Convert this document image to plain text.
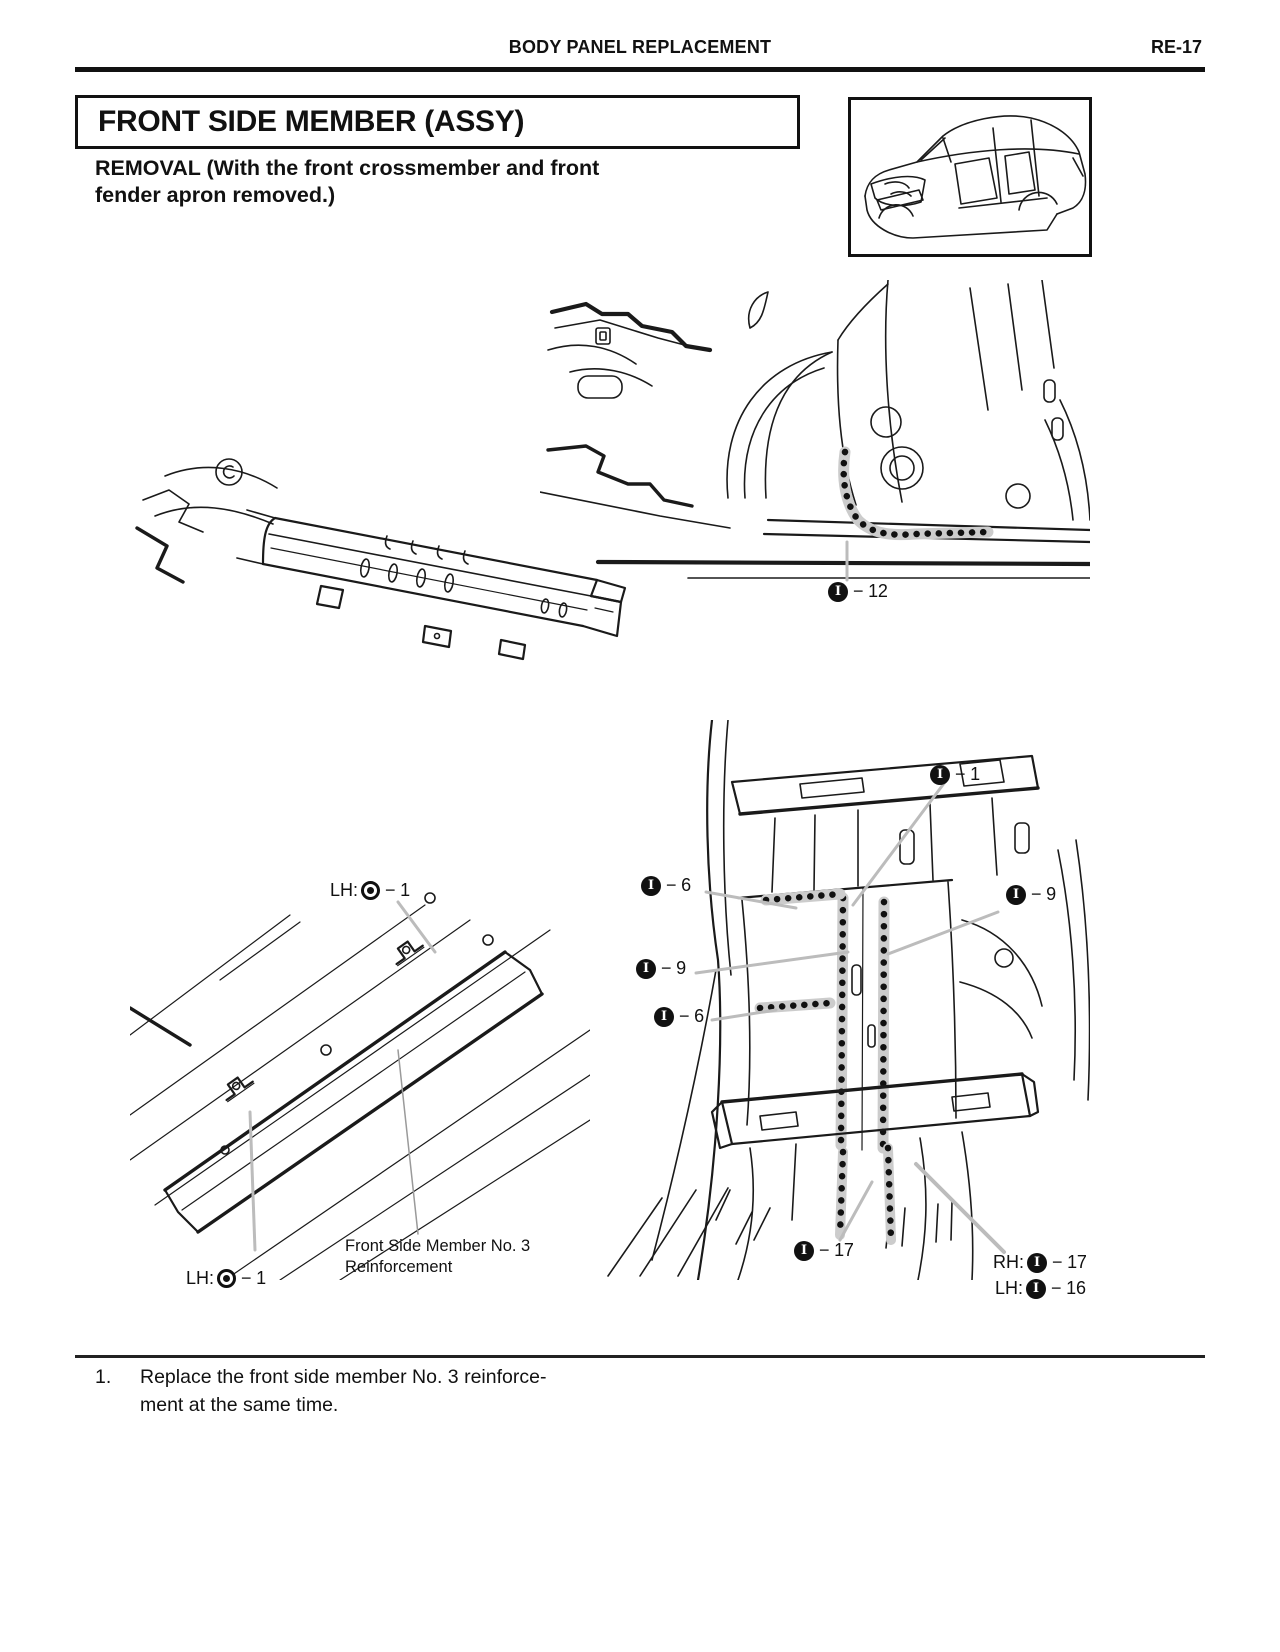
BODY PANEL REPLACEMENT	RE-17
FRONT SIDE MEMBER (ASSY)
REMOVAL (With the front crossmember and front
fender apron removed.)
I − 12
LH: − 1
LH: − 1
Front Side Member No. 3
Reinforcement
I − 1
I − 6	I − 9
I − 9
I − 6
I − 17
RH: I − 17
LH: I − 16
1. Replace the front side member No. 3 reinforce-
ment at the same time.
